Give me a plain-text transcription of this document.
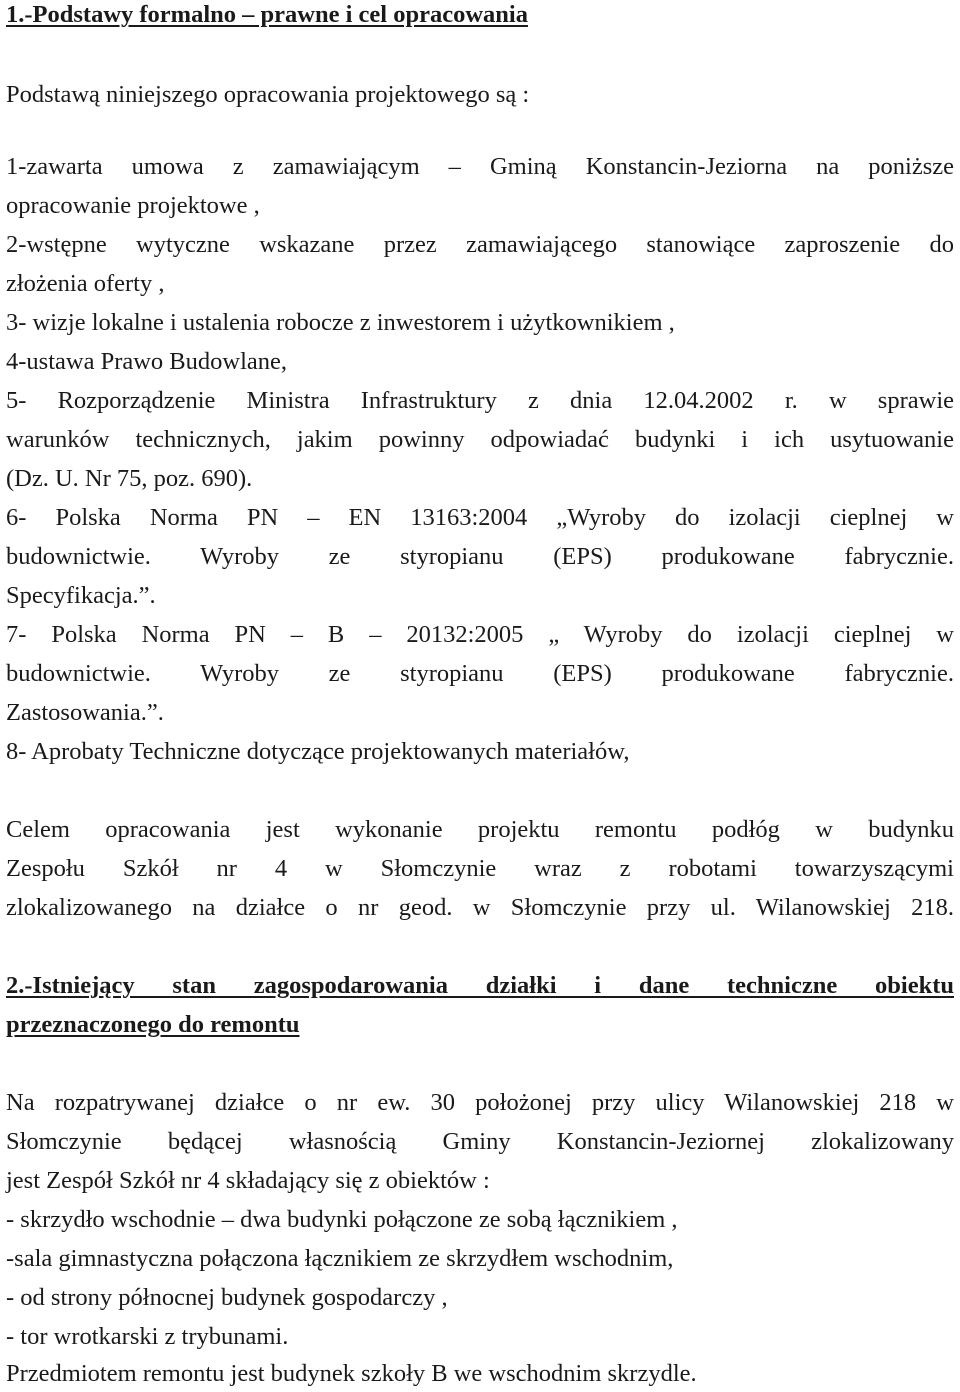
1.-Podstawy formalno – prawne i cel opracowania
Podstawą niniejszego opracowania projektowego są :
1-zawarta umowa z zamawiającym – Gminą Konstancin-Jeziorna na poniższe
opracowanie projektowe ,
2-wstępne wytyczne wskazane przez zamawiającego stanowiące zaproszenie do
złożenia oferty ,
3- wizje lokalne i ustalenia robocze z inwestorem i użytkownikiem ,
4-ustawa Prawo Budowlane,
5- Rozporządzenie Ministra Infrastruktury z dnia 12.04.2002 r. w sprawie
warunków technicznych, jakim powinny odpowiadać budynki i ich usytuowanie
(Dz. U. Nr 75, poz. 690).
6- Polska Norma PN – EN 13163:2004 „Wyroby do izolacji cieplnej w
budownictwie. Wyroby ze styropianu (EPS) produkowane fabrycznie.
Specyfikacja.”.
7- Polska Norma PN – B – 20132:2005 „ Wyroby do izolacji cieplnej w
budownictwie. Wyroby ze styropianu (EPS) produkowane fabrycznie.
Zastosowania.”.
8- Aprobaty Techniczne dotyczące projektowanych materiałów,
Celem opracowania jest wykonanie projektu remontu podłóg w budynku
Zespołu Szkół nr 4 w Słomczynie wraz z robotami towarzyszącymi
zlokalizowanego na działce o nr geod. w Słomczynie przy ul. Wilanowskiej 218.
2.-Istniejący stan zagospodarowania działki i dane techniczne obiektu
przeznaczonego do remontu
Na rozpatrywanej działce o nr ew. 30 położonej przy ulicy Wilanowskiej 218 w
Słomczynie będącej własnością Gminy Konstancin-Jeziornej zlokalizowany
jest Zespół Szkół nr 4 składający się z obiektów :
- skrzydło wschodnie – dwa budynki połączone ze sobą łącznikiem ,
-sala gimnastyczna połączona łącznikiem ze skrzydłem wschodnim,
- od strony północnej budynek gospodarczy ,
- tor wrotkarski z trybunami.
Przedmiotem remontu jest budynek szkoły B we wschodnim skrzydle.
